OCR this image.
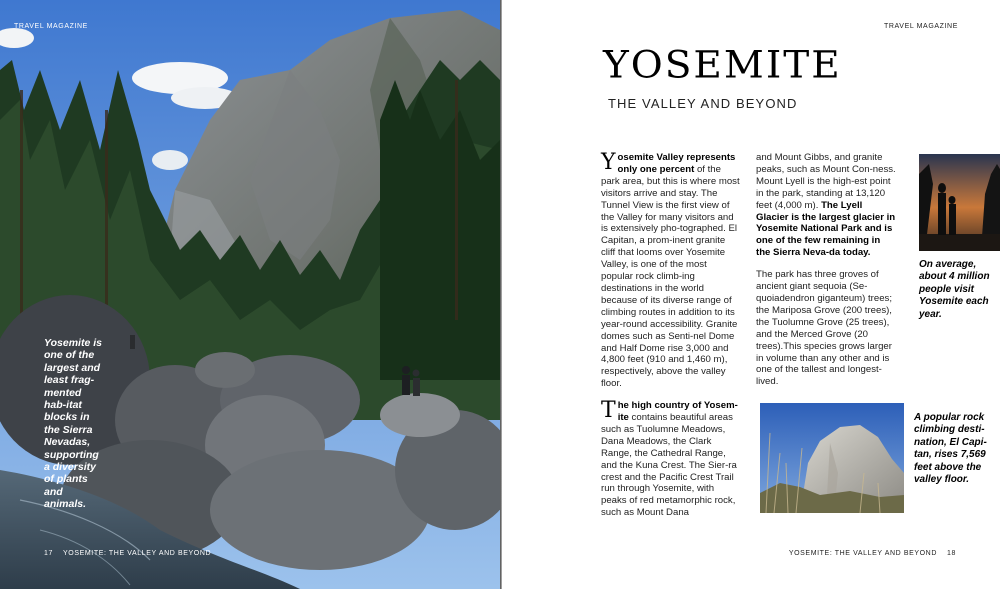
TRAVEL MAGAZINE
Yosemite is one of the largest and least frag-mented hab-itat blocks in the Sierra Nevadas, supporting a diversity of plants and animals.
17 YOSEMITE: THE VALLEY AND BEYOND
TRAVEL MAGAZINE
YOSEMITE
THE VALLEY AND BEYOND

Yosemite Valley represents only one percent of the park area, but this is where most visitors arrive and stay. The Tunnel View is the first view of the Valley for many visitors and is extensively pho-tographed. El Capitan, a prom-inent granite cliff that looms over Yosemite Valley, is one of the most popular rock climb-ing destinations in the world because of its diverse range of climbing routes in addition to its year-round accessibility. Granite domes such as Senti-nel Dome and Half Dome rise 3,000 and 4,800 feet (910 and 1,460 m), respectively, above the valley floor.

The high country of Yosem-ite contains beautiful areas such as Tuolumne Meadows, Dana Meadows, the Clark Range, the Cathedral Range, and the Kuna Crest. The Sier-ra crest and the Pacific Crest Trail run through Yosemite, with peaks of red metamorphic rock, such as Mount Dana

and Mount Gibbs, and granite peaks, such as Mount Con-ness. Mount Lyell is the high-est point in the park, standing at 13,120 feet (4,000 m). The Lyell Glacier is the largest glacier in Yosemite National Park and is one of the few remaining in the Sierra Neva-da today.

The park has three groves of ancient giant sequoia (Se-quoiadendron giganteum) trees; the Mariposa Grove (200 trees), the Tuolumne Grove (25 trees), and the Merced Grove (20 trees).This species grows larger in volume than any other and is one of the tallest and longest-lived.

On average, about 4 million people visit Yosemite each year.
A popular rock climbing desti-nation, El Capi-tan, rises 7,569 feet above the valley floor.
YOSEMITE: THE VALLEY AND BEYOND 18
